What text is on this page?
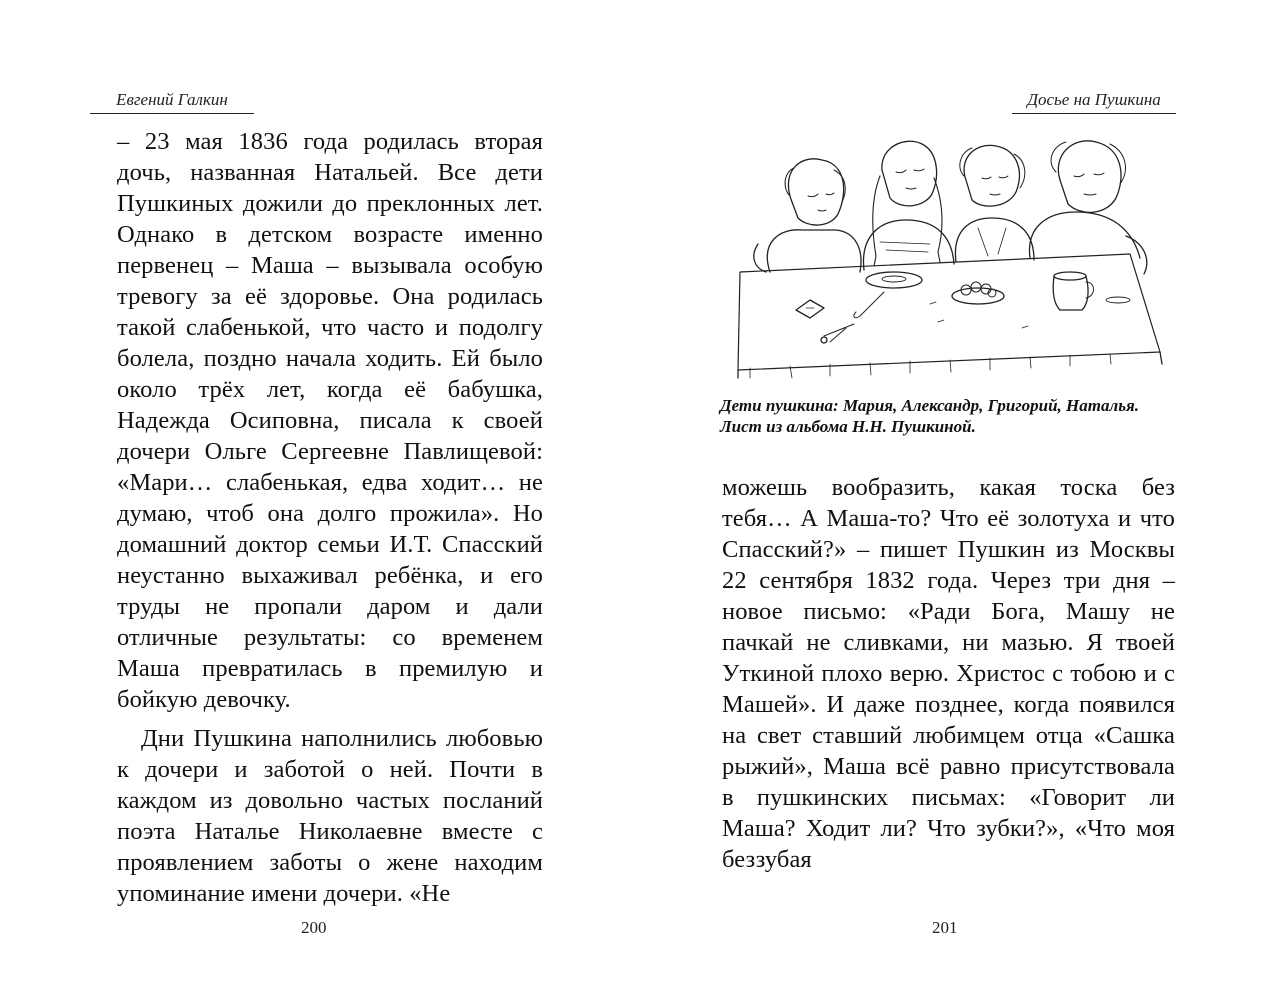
Евгений Галкин

– 23 мая 1836 года родилась вторая дочь, названная Натальей. Все дети Пушкиных дожили до преклонных лет. Однако в детском возрасте именно первенец – Маша – вызывала особую тревогу за её здоровье. Она родилась такой слабенькой, что часто и подолгу болела, поздно начала ходить. Ей было около трёх лет, когда её бабушка, Надежда Осиповна, писала к своей дочери Ольге Сергеевне Павлищевой: «Мари… слабенькая, едва ходит… не думаю, чтоб она долго прожила». Но домашний доктор семьи И.Т. Спасский неустанно выхаживал ребёнка, и его труды не пропали даром и дали отличные результаты: со временем Маша превратилась в премилую и бойкую девочку.

Дни Пушкина наполнились любовью к дочери и заботой о ней. Почти в каждом из довольно частых посланий поэта Наталье Николаевне вместе с проявлением заботы о жене находим упоминание имени дочери. «Не

200
Досье на Пушкина
Дети пушкина: Мария, Александр, Григорий, Наталья. Лист из альбома Н.Н. Пушкиной.

можешь вообразить, какая тоска без тебя… А Маша-то? Что её золотуха и что Спасский?» – пишет Пушкин из Москвы 22 сентября 1832 года. Через три дня – новое письмо: «Ради Бога, Машу не пачкай не сливками, ни мазью. Я твоей Уткиной плохо верю. Христос с тобою и с Машей». И даже позднее, когда появился на свет ставший любимцем отца «Сашка рыжий», Маша всё равно присутствовала в пушкинских письмах: «Говорит ли Маша? Ходит ли? Что зубки?», «Что моя беззубая

201
